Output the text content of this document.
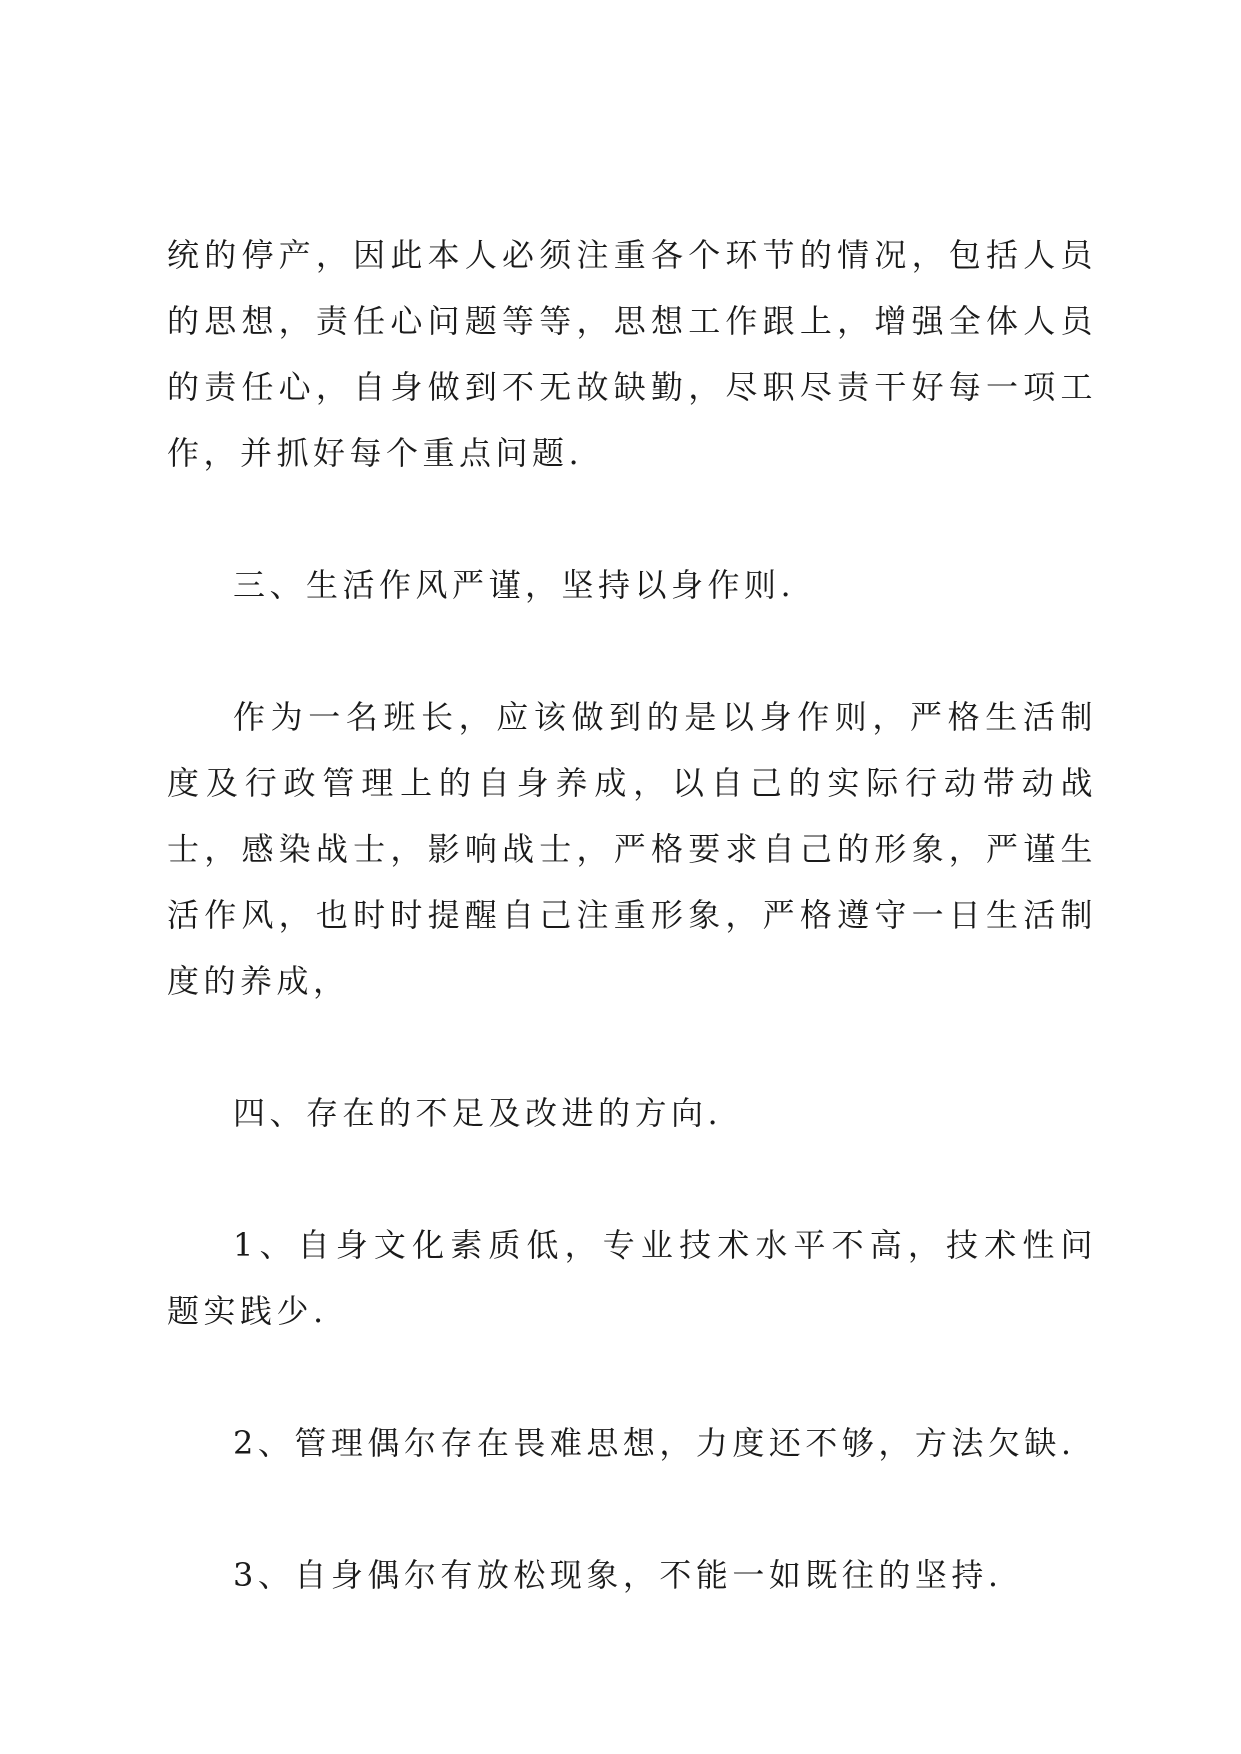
统的停产，因此本人必须注重各个环节的情况，包括人员的思想，责任心问题等等，思想工作跟上，增强全体人员的责任心，自身做到不无故缺勤，尽职尽责干好每一项工作，并抓好每个重点问题.

三、生活作风严谨，坚持以身作则.

作为一名班长，应该做到的是以身作则，严格生活制度及行政管理上的自身养成，以自己的实际行动带动战士，感染战士，影响战士，严格要求自己的形象，严谨生活作风，也时时提醒自己注重形象，严格遵守一日生活制度的养成，

四、存在的不足及改进的方向.

1、自身文化素质低，专业技术水平不高，技术性问题实践少.

2、管理偶尔存在畏难思想，力度还不够，方法欠缺.

3、自身偶尔有放松现象，不能一如既往的坚持.
